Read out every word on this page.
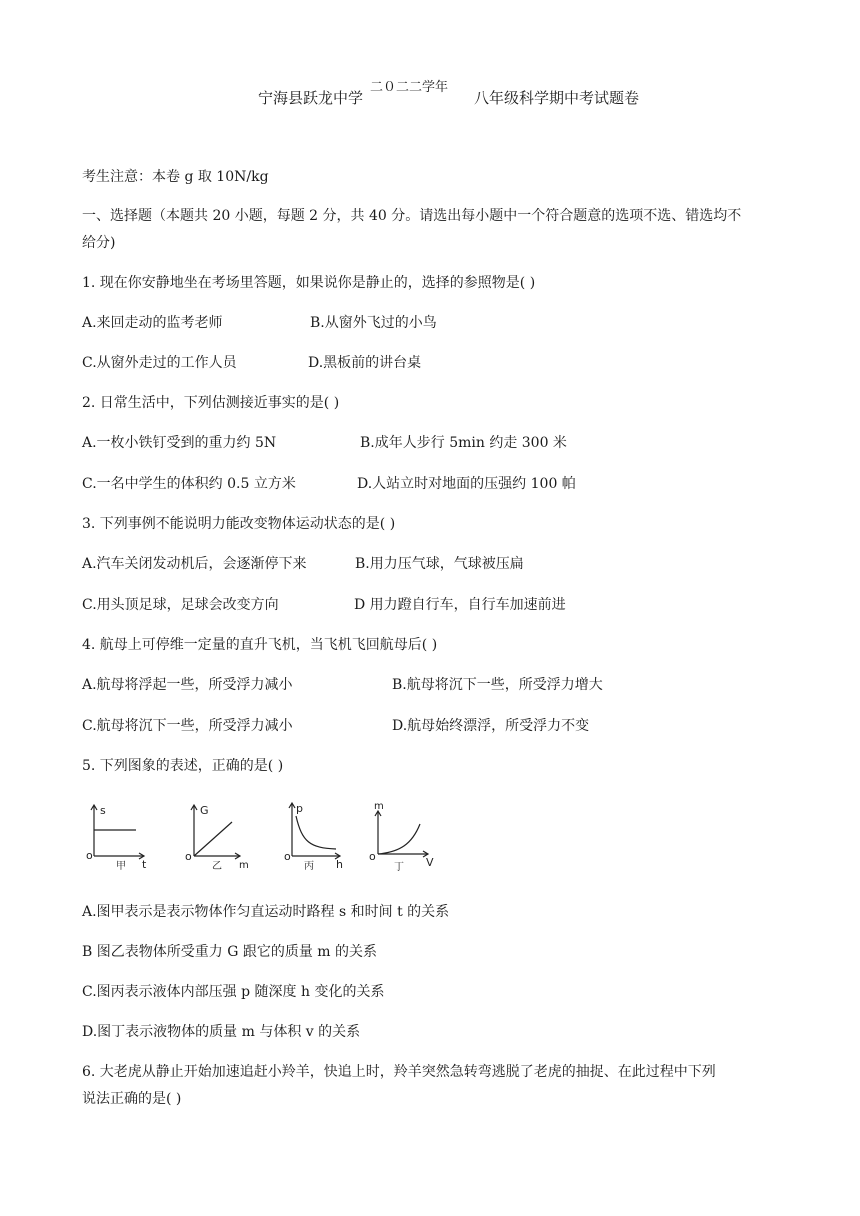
宁海县跃龙中学
二０二二学年
八年级科学期中考试题卷
考生注意：本卷 g 取 10N/kg
一、选择题（本题共 20 小题，每题 2 分，共 40 分。请选出每小题中一个符合题意的选项不选、错选均不
给分)
1. 现在你安静地坐在考场里答题，如果说你是静止的，选择的参照物是( )
A.来回走动的监考老师	B.从窗外飞过的小鸟
C.从窗外走过的工作人员	D.黑板前的讲台桌
2. 日常生活中，下列估测接近事实的是( )
A.一枚小铁钉受到的重力约 5N	B.成年人步行 5min 约走 300 米
C.一名中学生的体积约 0.5 立方米	D.人站立时对地面的压强约 100 帕
3. 下列事例不能说明力能改变物体运动状态的是( )
A.汽车关闭发动机后，会逐渐停下来	B.用力压气球，气球被压扁
C.用头顶足球，足球会改变方向	D 用力蹬自行车，自行车加速前进
4. 航母上可停维一定量的直升飞机，当飞机飞回航母后( )
A.航母将浮起一些，所受浮力减小	B.航母将沉下一些，所受浮力增大
C.航母将沉下一些，所受浮力减小	D.航母始终漂浮，所受浮力不变
5. 下列图象的表述，正确的是( )
s
o
甲 t
G
o
乙 m
p
o
丙 h
m
o
丁 V
A.图甲表示是表示物体作匀直运动时路程 s 和时间 t 的关系
B 图乙表物体所受重力 G 跟它的质量 m 的关系
C.图丙表示液体内部压强 p 随深度 h 变化的关系
D.图丁表示液物体的质量 m 与体积 v 的关系
6. 大老虎从静止开始加速追赶小羚羊，快追上时，羚羊突然急转弯逃脱了老虎的抽捉、在此过程中下列
说法正确的是( )
